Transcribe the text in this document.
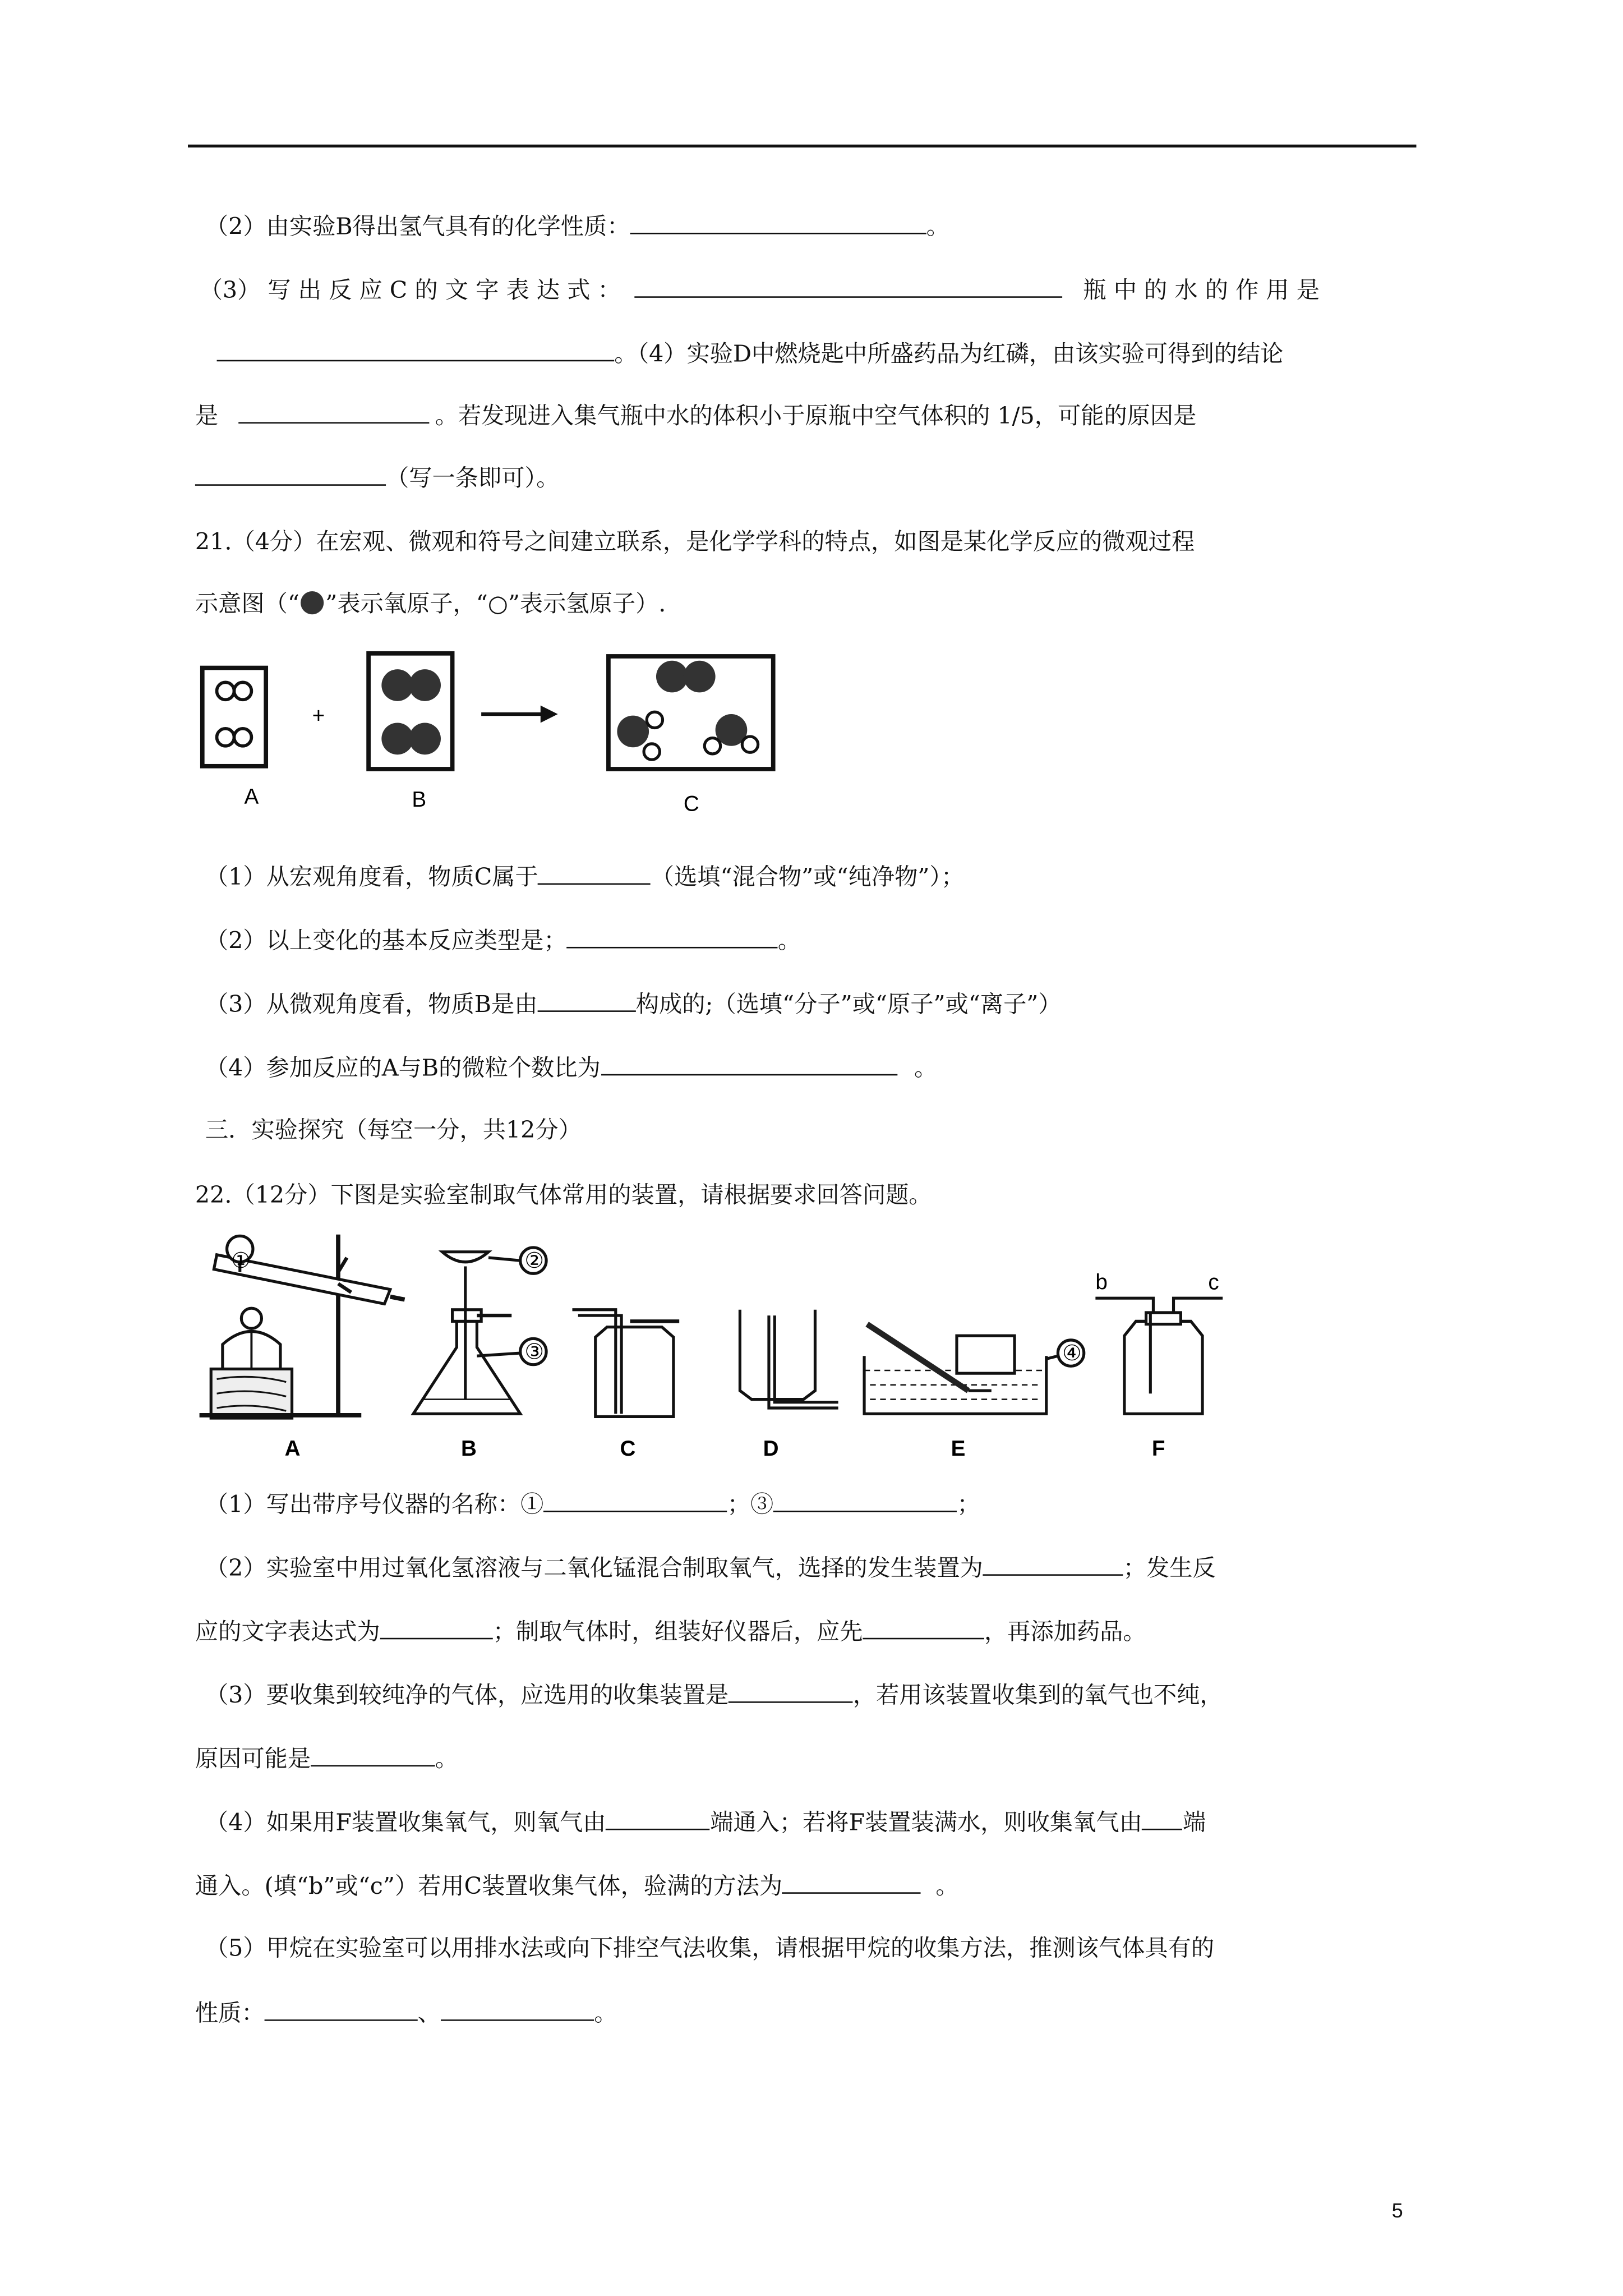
（2）由实验B得出氢气具有的化学性质：	。
（3） 写 出 反 应 C 的 文 字 表 达 式 ：	瓶 中 的 水 的 作 用 是
。（4）实验D中燃烧匙中所盛药品为红磷，由该实验可得到的结论
是	。若发现进入集气瓶中水的体积小于原瓶中空气体积的 1/5，可能的原因是
（写一条即可）。
21.（4分）在宏观、微观和符号之间建立联系，是化学学科的特点，如图是某化学反应的微观过程
示意图（“	”表示氧原子，“○”表示氢原子）.
+
A	B	C
（1）从宏观角度看，物质C属于	（选填“混合物”或“纯净物”）；
（2）以上变化的基本反应类型是；	。
（3）从微观角度看，物质B是由	构成的;（选填“分子”或“原子”或“离子”）
（4）参加反应的A与B的微粒个数比为	。
三．实验探究（每空一分，共12分）
22.（12分）下图是实验室制取气体常用的装置，请根据要求回答问题。
①	②
③	④
b	c
A	B	C	D	E	F
（1）写出带序号仪器的名称：①	；③	；
（2）实验室中用过氧化氢溶液与二氧化锰混合制取氧气，选择的发生装置为	；发生反
应的文字表达式为	；制取气体时，组装好仪器后，应先	，再添加药品。
（3）要收集到较纯净的气体，应选用的收集装置是	，若用该装置收集到的氧气也不纯，
原因可能是	。
（4）如果用F装置收集氧气，则氧气由	端通入；若将F装置装满水，则收集氧气由	端
通入。(填“b”或“c”）若用C装置收集气体，验满的方法为	。
（5）甲烷在实验室可以用排水法或向下排空气法收集，请根据甲烷的收集方法，推测该气体具有的
性质：	、	。
5
